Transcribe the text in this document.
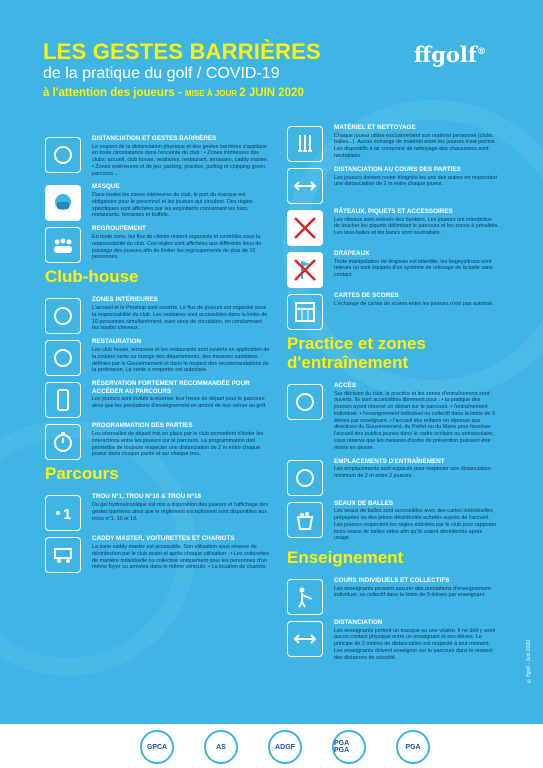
LES GESTES BARRIÈRES
de la pratique du golf / COVID-19
à l'attention des joueurs - MISE À JOUR 2 JUIN 2020
ffgolf®
DISTANCIATION ET GESTES BARRIÈRES
Le respect de la distanciation physique et des gestes barrières s'applique en toute circonstance dans l'enceinte du club : • Zones intérieures des clubs: accueil, club house, vestiaires, restaurant, terrasses, caddy master. • Zones extérieures et de jeu: parking, practice, putting et chipping green, parcours...
MASQUE
Dans toutes les zones intérieures du club, le port du masque est obligatoire pour le personnel et les joueurs qui circulent. Des règles spécifiques sont affichées par les exploitants concernant les bars, restaurants, terrasses et buffets.
REGROUPEMENT
En toute zone, les flux de clients restent organisés et contrôlés sous la responsabilité du club. Ces règles sont affichées aux différents lieux de passage des joueurs afin de limiter les regroupements de plus de 10 personnes.
Club-house
ZONES INTÉRIEURES
L'accueil et le Proshop sont ouverts. Le flux de joueurs est organisé sous la responsabilité du club. Les vestiaires sont accessibles dans la limite de 10 personnes simultanément, avec sens de circulation, en condamnant les lavabo cheveux.
RESTAURATION
Les club house, terrasses et les restaurants sont ouverts en application de la couleur verte ou orange des départements, des mesures sanitaires définies par le Gouvernement et dans le respect des recommandations de la profession. La vente à emporter est autorisée.
RÉSERVATION FORTEMENT RECOMMANDÉE POUR ACCÉDER AU PARCOURS
Les joueurs sont invités à réserver leur heure de départ pour le parcours ainsi que les prestations d'enseignement en amont de leur venue au golf.
PROGRAMMATION DES PARTIES
Les intervalles de départ mis en place par le club permettent d'éviter les interactions entre les joueurs sur le parcours. La programmation doit permettre de toujours respecter une distanciation de 2 m entre chaque joueur dans chaque partie et sur chaque trou.
Parcours
1
TROU N°1, TROU N°10 & TROU N°18
Du gel hydroalcoolique est mis à disposition des joueurs et l'affichage des gestes barrières ainsi que le règlement exceptionnel sont disponibles aux trous n°1, 10 et 18.
CADDY MASTER, VOITURETTES ET CHARIOTS
La zone caddy master est accessible. Son utilisation sous réserve de désinfection par le club avant et après chaque utilisation : • Les voiturettes de manière individuelle ou collective uniquement pour les personnes d'un même foyer ou arrivées dans le même véhicule. • La location de chariots.
MATÉRIEL ET NETTOYAGE
Chaque joueur utilise exclusivement son matériel personnel (clubs, balles...). Aucun échange de matériel entre les joueurs n'est permis. Les dispositifs à air comprimé de nettoyage des chaussures sont neutralisés.
DISTANCIATION AU COURS DES PARTIES
Les joueurs doivent rester éloignés les uns des autres en respectant une distanciation de 2 m entre chaque joueur.
RÂTEAUX, PIQUETS ET ACCESSOIRES
Les râteaux sont enlevés des bunkers. Les joueurs ont interdiction de toucher les piquets délimitant le parcours et les zones à pénalités. Les lave-balles et les bancs sont neutralisés.
DRAPEAUX
Toute manipulation de drapeau est interdite, les bogeys/trous sont relevés ou sont équipés d'un système de relevage de la balle sans contact.
CARTES DE SCORES
L'échange de cartes de scores entre les joueurs n'est pas autorisé.
Practice et zones
d'entraînement
ACCÈS
Sur décision du club, le practice et les zones d'entraînement sont ouverts. Ils sont accessibles librement pour : • la pratique des joueurs ayant réservé un départ sur le parcours. • l'entraînement individuel. • l'enseignement individuel ou collectif dans la limite de 9 élèves par enseignant. • l'accueil des enfants en réponse aux directives du Gouvernement, du Préfet ou du Maire pour favoriser l'accueil des publics jeunes dans le cadre scolaire ou extrascolaire, sous réserve que les mesures d'ordre de prévention puissent être mises en œuvre.
EMPLACEMENTS D'ENTRAÎNEMENT
Les emplacements sont espacés pour respecter une distanciation minimum de 2 m entre 2 joueurs.
SEAUX DE BALLES
Les seaux de balles sont accessibles avec des cartes individuelles prépayées ou des jetons désinfectés achetés auprès de l'accueil. Les joueurs respectent les règles édictées par le club pour rapporter leurs seaux de balles vides afin qu'ils soient désinfectés après usage.
Enseignement
COURS INDIVIDUELS ET COLLECTIFS
Les enseignants peuvent assurer des prestations d'enseignement individuel, ou collectif dans la limite de 9 élèves par enseignant.
DISTANCIATION
Les enseignants portent un masque ou une visière. Il ne doit y avoir aucun contact physique entre un enseignant et ses élèves. Le principe de 2 mètres de distanciation est respecté à tout moment. Les enseignants doivent enseigner sur le parcours dans le respect des distances de sécurité.	©ffgolf - Juin 2020
GPCA	AS	ADGF	PGA PGA	PGA
